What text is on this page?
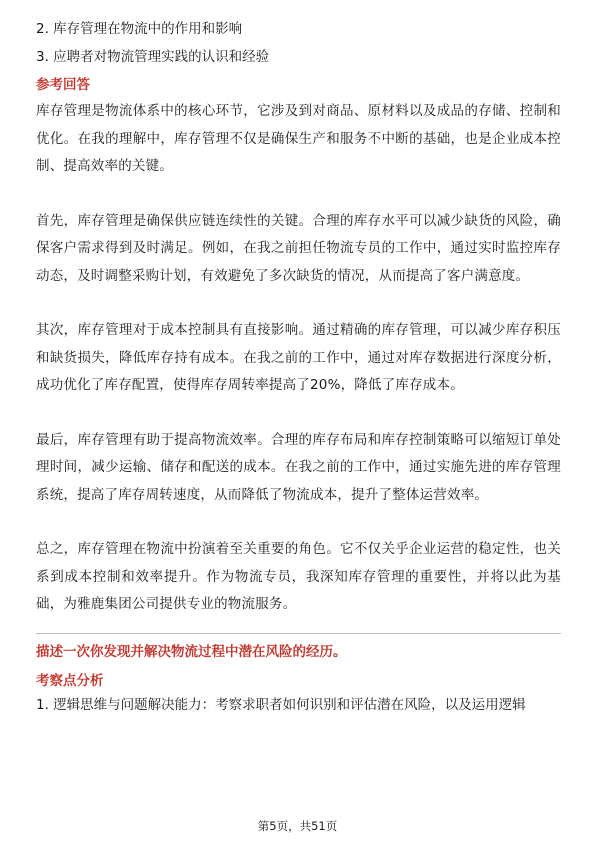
2. 库存管理在物流中的作用和影响
3. 应聘者对物流管理实践的认识和经验
参考回答

库存管理是物流体系中的核心环节，它涉及到对商品、原材料以及成品的存储、控制和优化。在我的理解中，库存管理不仅是确保生产和服务不中断的基础，也是企业成本控制、提高效率的关键。

首先，库存管理是确保供应链连续性的关键。合理的库存水平可以减少缺货的风险，确保客户需求得到及时满足。例如，在我之前担任物流专员的工作中，通过实时监控库存动态，及时调整采购计划，有效避免了多次缺货的情况，从而提高了客户满意度。

其次，库存管理对于成本控制具有直接影响。通过精确的库存管理，可以减少库存积压和缺货损失，降低库存持有成本。在我之前的工作中，通过对库存数据进行深度分析，成功优化了库存配置，使得库存周转率提高了20%，降低了库存成本。

最后，库存管理有助于提高物流效率。合理的库存布局和库存控制策略可以缩短订单处理时间，减少运输、储存和配送的成本。在我之前的工作中，通过实施先进的库存管理系统，提高了库存周转速度，从而降低了物流成本，提升了整体运营效率。

总之，库存管理在物流中扮演着至关重要的角色。它不仅关乎企业运营的稳定性，也关系到成本控制和效率提升。作为物流专员，我深知库存管理的重要性，并将以此为基础，为雅鹿集团公司提供专业的物流服务。

描述一次你发现并解决物流过程中潜在风险的经历。
考察点分析
1. 逻辑思维与问题解决能力：考察求职者如何识别和评估潜在风险，以及运用逻辑
第5页，共51页
